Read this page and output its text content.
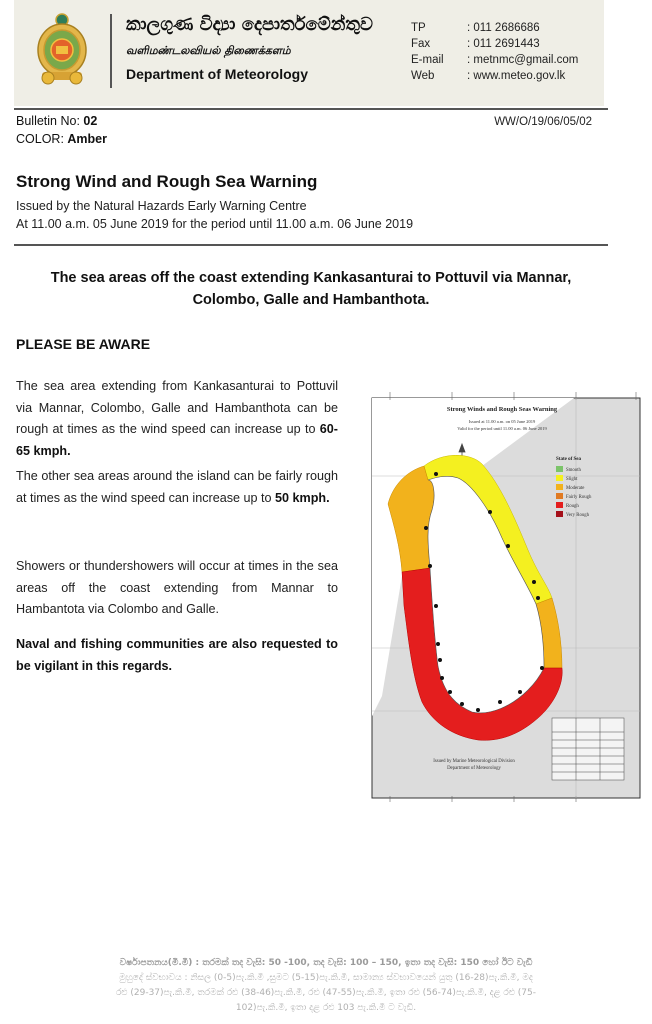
කාලගුණ විද්‍යා දෙපාර්තමේන්තුව
வளிமண்டலவியல் திணைக்களம்
Department of Meteorology
TP	: 011 2686686
Fax	: 011 2691443
E-mail	: metnmc@gmail.com
Web	: www.meteo.gov.lk
Bulletin No: 02
COLOR: Amber
WW/O/19/06/05/02
Strong Wind and Rough Sea Warning
Issued by the Natural Hazards Early Warning Centre
At 11.00 a.m. 05 June 2019 for the period until 11.00 a.m. 06 June 2019
The sea areas off the coast extending Kankasanturai to Pottuvil via Mannar,
Colombo, Galle and Hambanthota.
PLEASE BE AWARE

The sea area extending from Kankasanturai to Pottuvil via Mannar, Colombo, Galle and Hambanthota can be rough at times as the wind speed can increase up to 60-65 kmph.

The other sea areas around the island can be fairly rough at times as the wind speed can increase up to 50 kmph.

Showers or thundershowers will occur at times in the sea areas off the coast extending from Mannar to Hambantota via Colombo and Galle.

Naval and fishing communities are also requested to be vigilant in this regards.

Strong Winds and Rough Seas Warning
Issued at 11.00 a.m. on 05 June 2019
Valid for the period until 11.00 a.m. 06 June 2019
State of Sea
Smooth
Slight
Moderate
Fairly Rough
Rough
Very Rough
Issued by Marine Meteorological Division
Department of Meteorology
වර්ෂාපතනය(මි.මී) : තරමක් තද වැසි: 50 -100, තද වැසි: 100 – 150, ඉතා තද වැසි: 150 හෝ ඊට වැඩි
මුහුදේ ස්වභාවය : නිසල (0-5)පැ.කි.මී ,සුමට (5-15)පැ.කි.මී, සාමාන්‍ය ස්වභාවයෙන් යුතු (16-28)පැ.කි.මී, මද
රළු (29-37)පැ.කි.මී, තරමක් රළු (38-46)පැ.කි.මී, රළු (47-55)පැ.කි.මී, ඉතා රළු (56-74)පැ.කි.මී, දළ රළු (75-
102)පැ.කි.මී, ඉතා දළ රළු 103 පැ.කි.මී ට වැඩි.
